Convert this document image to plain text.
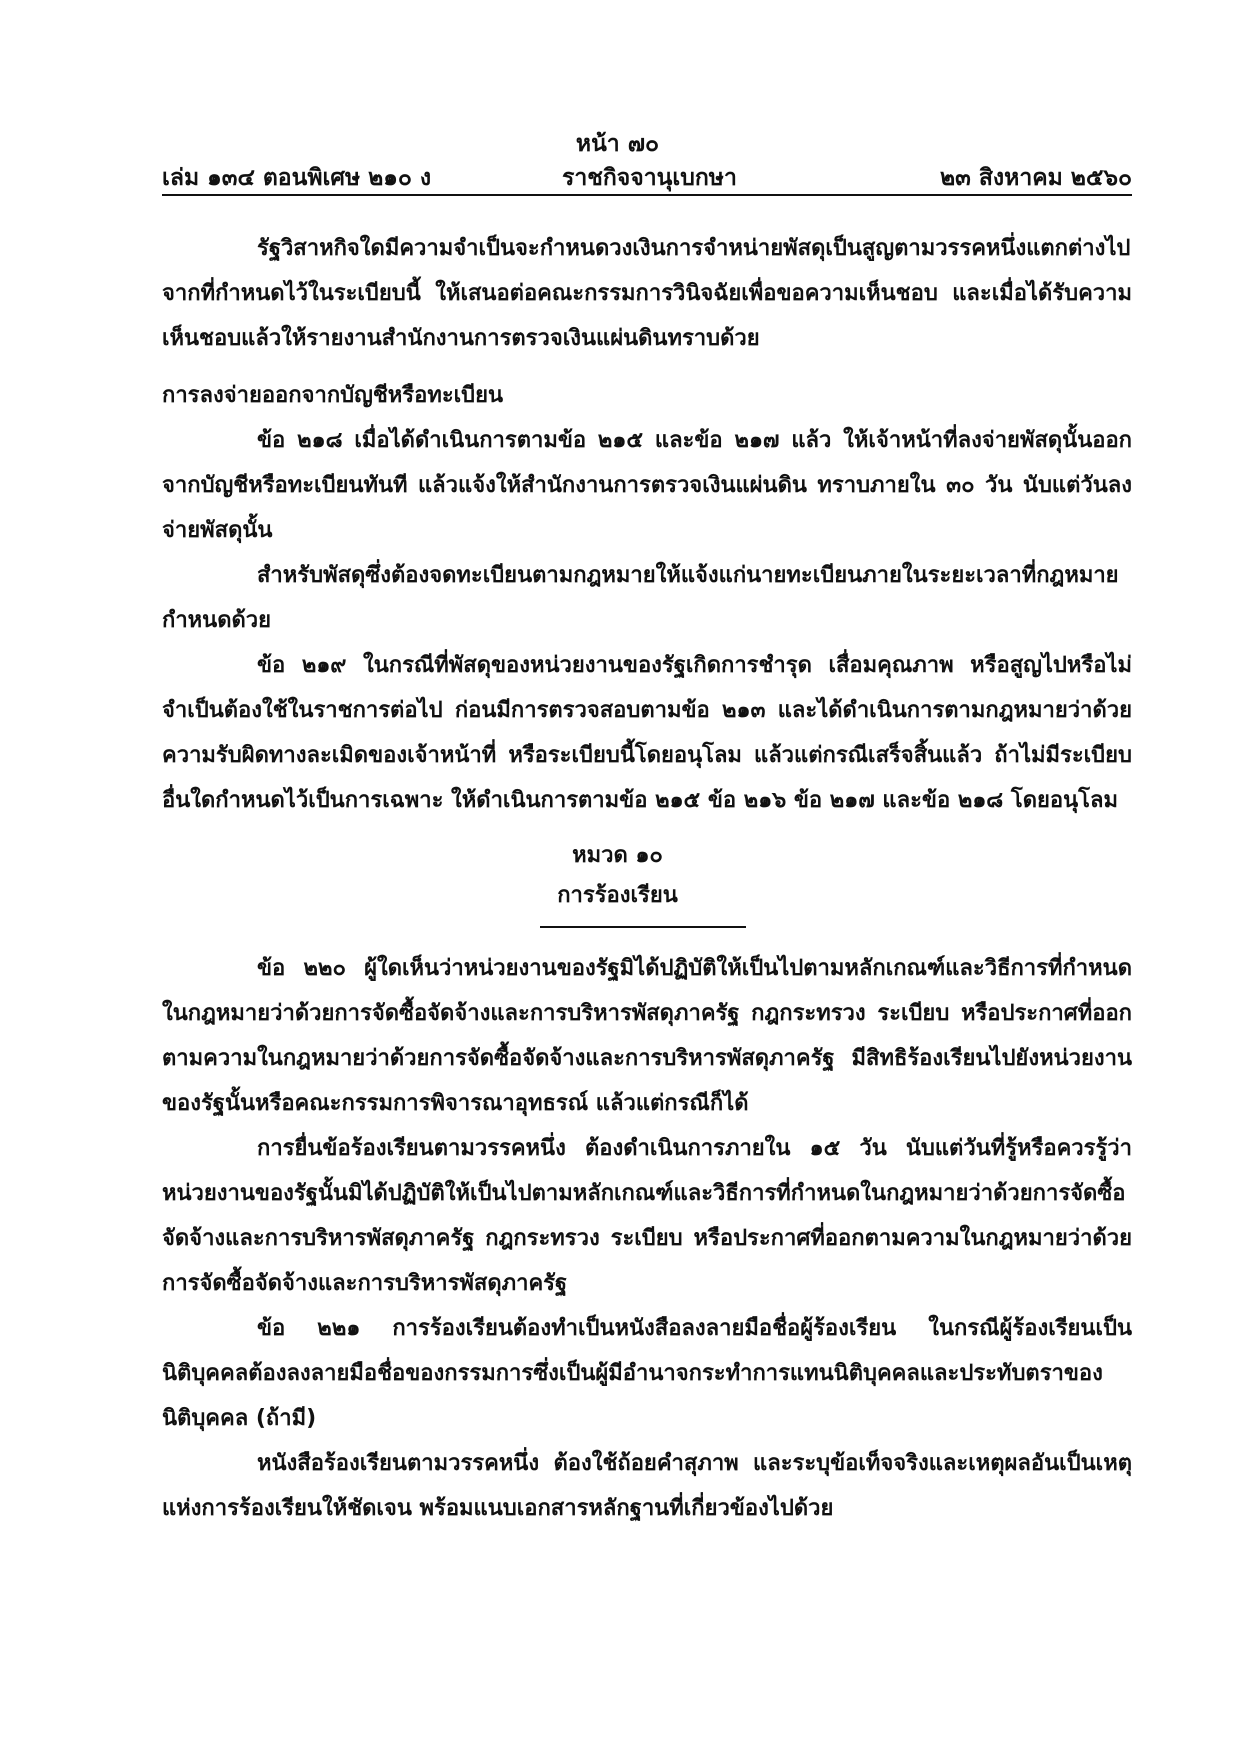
หน้า ๗๐
เล่ม ๑๓๔ ตอนพิเศษ ๒๑๐ ง	ราชกิจจานุเบกษา	๒๓ สิงหาคม ๒๕๖๐

รัฐวิสาหกิจใดมีความจำเป็นจะกำหนดวงเงินการจำหน่ายพัสดุเป็นสูญตามวรรคหนึ่งแตกต่างไปจากที่กำหนดไว้ในระเบียบนี้ ให้เสนอต่อคณะกรรมการวินิจฉัยเพื่อขอความเห็นชอบ และเมื่อได้รับความเห็นชอบแล้วให้รายงานสำนักงานการตรวจเงินแผ่นดินทราบด้วย

การลงจ่ายออกจากบัญชีหรือทะเบียน

ข้อ ๒๑๘ เมื่อได้ดำเนินการตามข้อ ๒๑๕ และข้อ ๒๑๗ แล้ว ให้เจ้าหน้าที่ลงจ่ายพัสดุนั้นออกจากบัญชีหรือทะเบียนทันที แล้วแจ้งให้สำนักงานการตรวจเงินแผ่นดิน ทราบภายใน ๓๐ วัน นับแต่วันลงจ่ายพัสดุนั้น

สำหรับพัสดุซึ่งต้องจดทะเบียนตามกฎหมายให้แจ้งแก่นายทะเบียนภายในระยะเวลาที่กฎหมายกำหนดด้วย

ข้อ ๒๑๙ ในกรณีที่พัสดุของหน่วยงานของรัฐเกิดการชำรุด เสื่อมคุณภาพ หรือสูญไปหรือไม่จำเป็นต้องใช้ในราชการต่อไป ก่อนมีการตรวจสอบตามข้อ ๒๑๓ และได้ดำเนินการตามกฎหมายว่าด้วยความรับผิดทางละเมิดของเจ้าหน้าที่ หรือระเบียบนี้โดยอนุโลม แล้วแต่กรณีเสร็จสิ้นแล้ว ถ้าไม่มีระเบียบอื่นใดกำหนดไว้เป็นการเฉพาะ ให้ดำเนินการตามข้อ ๒๑๕ ข้อ ๒๑๖ ข้อ ๒๑๗ และข้อ ๒๑๘ โดยอนุโลม

หมวด ๑๐
การร้องเรียน

ข้อ ๒๒๐ ผู้ใดเห็นว่าหน่วยงานของรัฐมิได้ปฏิบัติให้เป็นไปตามหลักเกณฑ์และวิธีการที่กำหนดในกฎหมายว่าด้วยการจัดซื้อจัดจ้างและการบริหารพัสดุภาครัฐ กฎกระทรวง ระเบียบ หรือประกาศที่ออกตามความในกฎหมายว่าด้วยการจัดซื้อจัดจ้างและการบริหารพัสดุภาครัฐ มีสิทธิร้องเรียนไปยังหน่วยงานของรัฐนั้นหรือคณะกรรมการพิจารณาอุทธรณ์ แล้วแต่กรณีก็ได้

การยื่นข้อร้องเรียนตามวรรคหนึ่ง ต้องดำเนินการภายใน ๑๕ วัน นับแต่วันที่รู้หรือควรรู้ว่าหน่วยงานของรัฐนั้นมิได้ปฏิบัติให้เป็นไปตามหลักเกณฑ์และวิธีการที่กำหนดในกฎหมายว่าด้วยการจัดซื้อจัดจ้างและการบริหารพัสดุภาครัฐ กฎกระทรวง ระเบียบ หรือประกาศที่ออกตามความในกฎหมายว่าด้วยการจัดซื้อจัดจ้างและการบริหารพัสดุภาครัฐ

ข้อ ๒๒๑ การร้องเรียนต้องทำเป็นหนังสือลงลายมือชื่อผู้ร้องเรียน ในกรณีผู้ร้องเรียนเป็นนิติบุคคลต้องลงลายมือชื่อของกรรมการซึ่งเป็นผู้มีอำนาจกระทำการแทนนิติบุคคลและประทับตราของนิติบุคคล (ถ้ามี)

หนังสือร้องเรียนตามวรรคหนึ่ง ต้องใช้ถ้อยคำสุภาพ และระบุข้อเท็จจริงและเหตุผลอันเป็นเหตุแห่งการร้องเรียนให้ชัดเจน พร้อมแนบเอกสารหลักฐานที่เกี่ยวข้องไปด้วย
